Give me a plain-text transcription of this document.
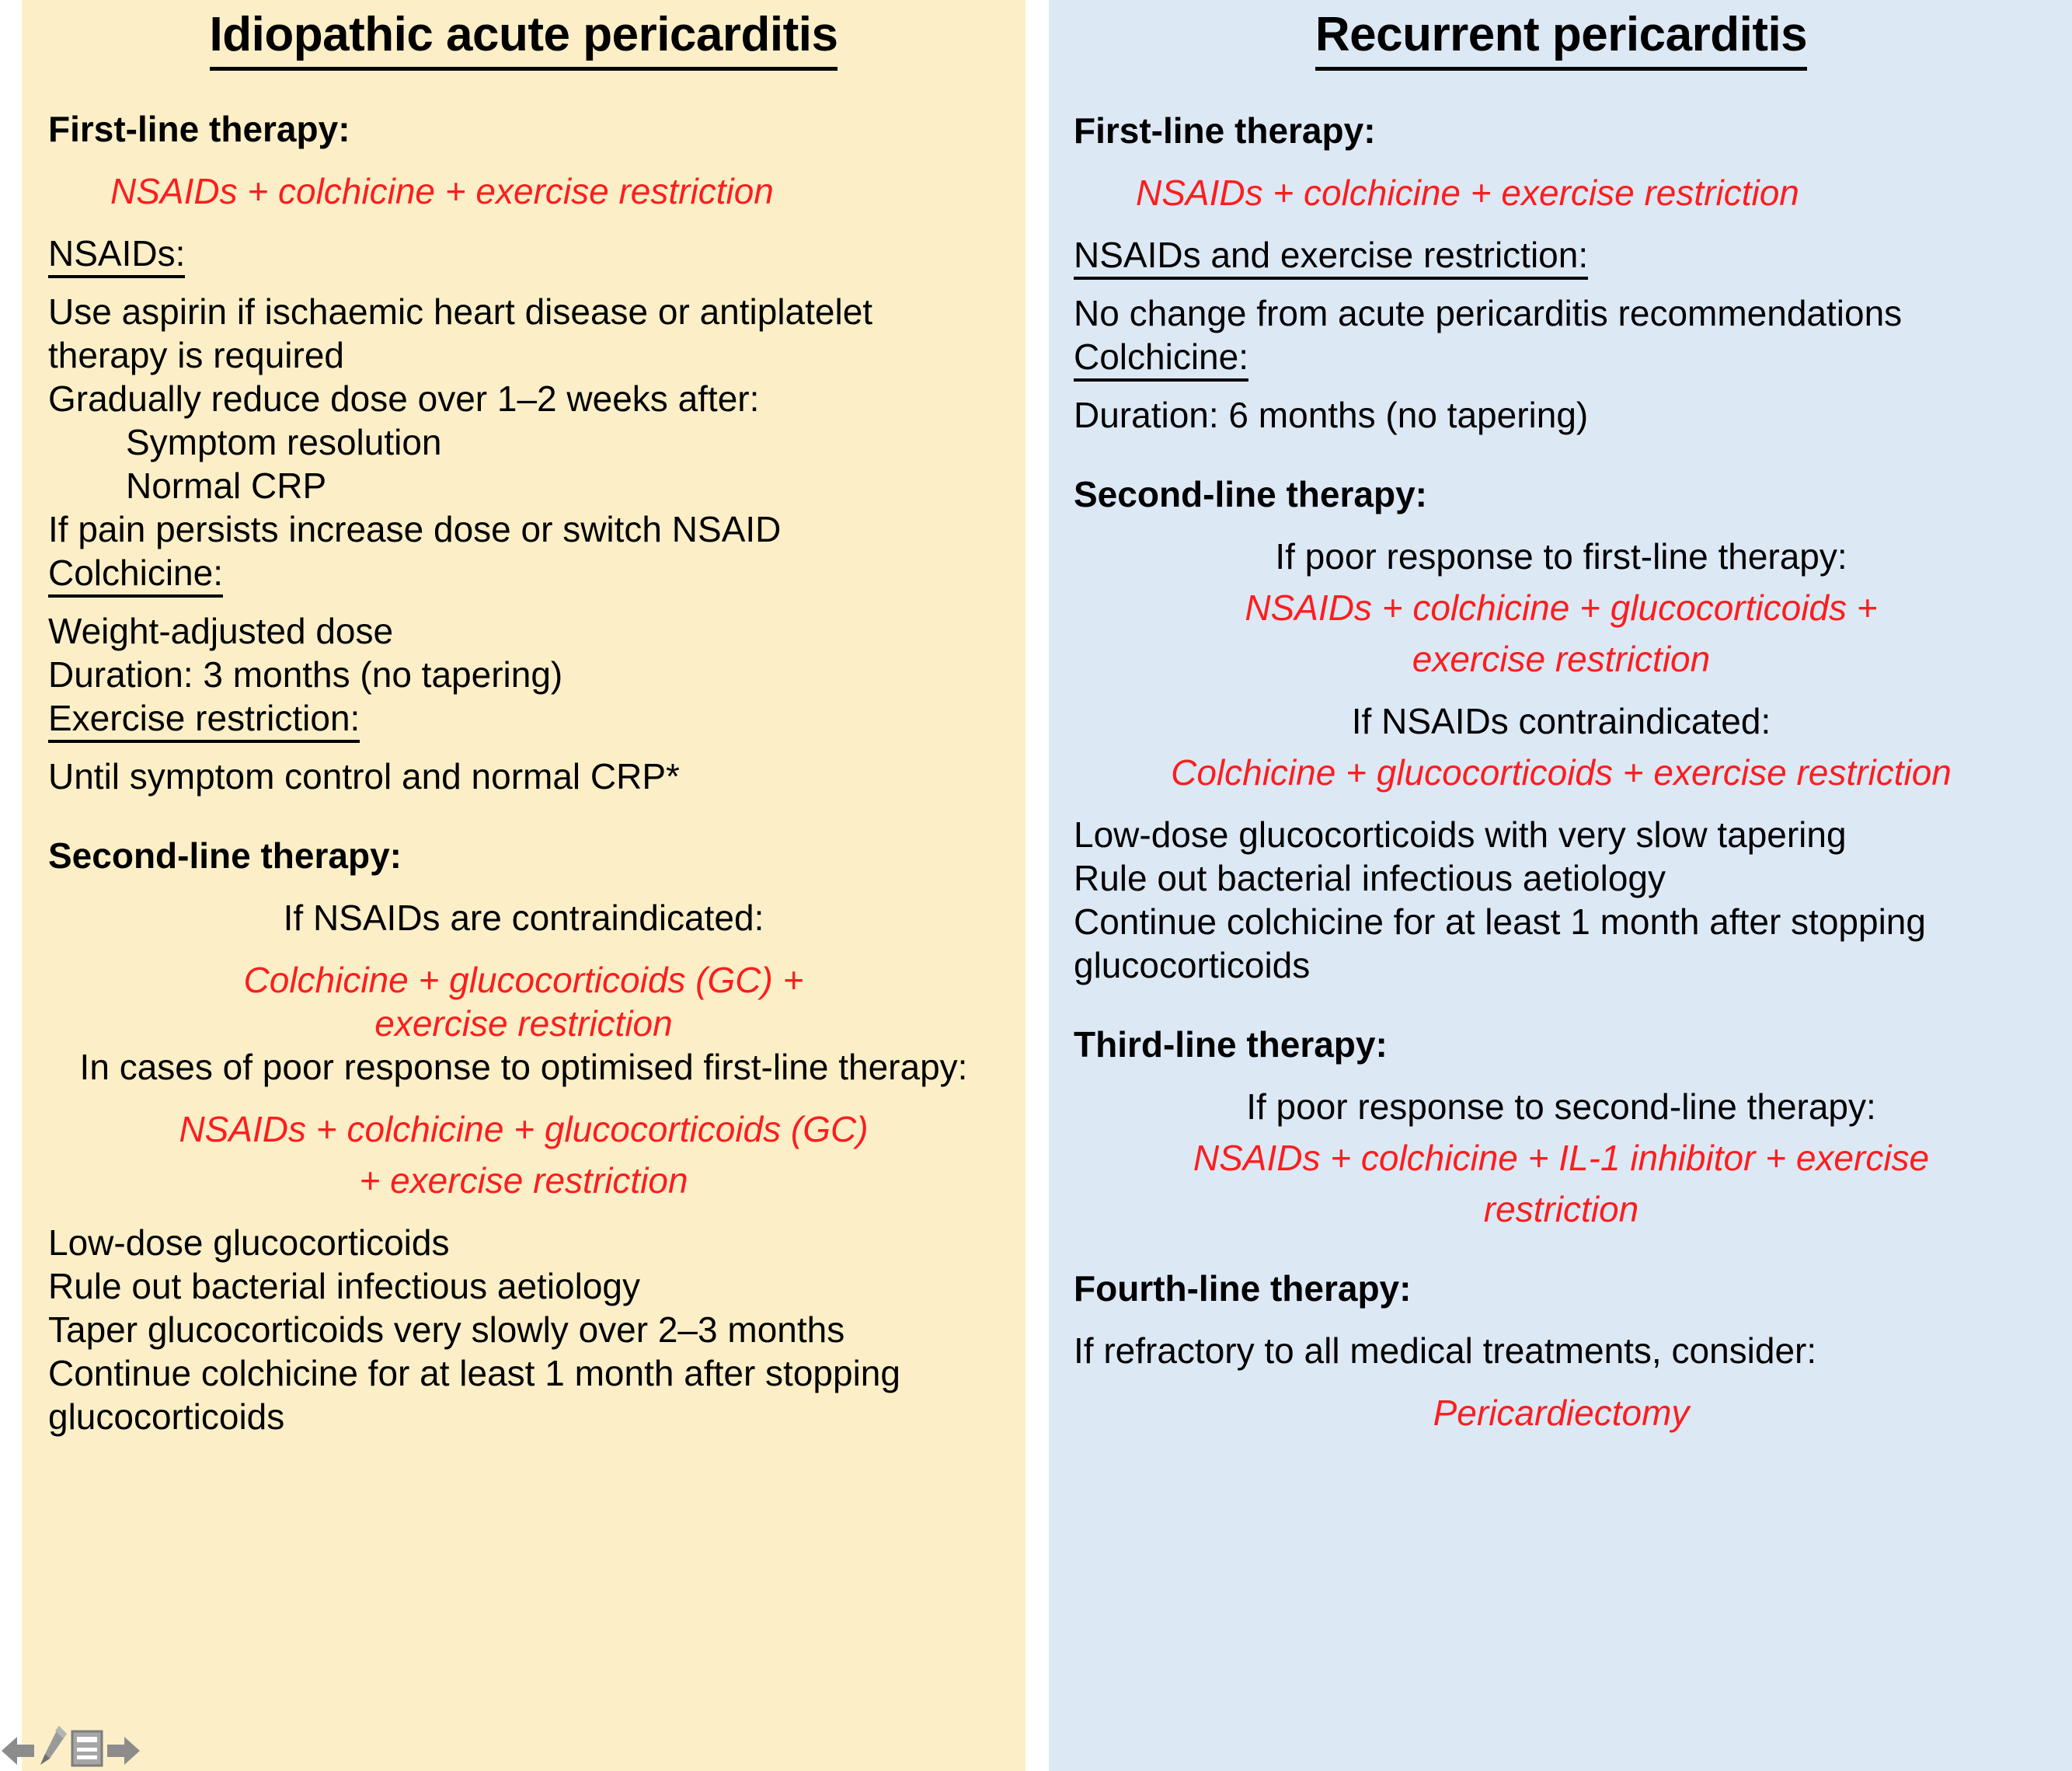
Idiopathic acute pericarditis
First-line therapy:
NSAIDs + colchicine + exercise restriction
NSAIDs:
Use aspirin if ischaemic heart disease or antiplatelet
therapy is required
Gradually reduce dose over 1–2 weeks after:
Symptom resolution
Normal CRP
If pain persists increase dose or switch NSAID
Colchicine:
Weight-adjusted dose
Duration: 3 months (no tapering)
Exercise restriction:
Until symptom control and normal CRP*
Second-line therapy:
If NSAIDs are contraindicated:
Colchicine + glucocorticoids (GC) +
exercise restriction
In cases of poor response to optimised first-line therapy:
NSAIDs + colchicine + glucocorticoids (GC)
+ exercise restriction
Low-dose glucocorticoids
Rule out bacterial infectious aetiology
Taper glucocorticoids very slowly over 2–3 months
Continue colchicine for at least 1 month after stopping
glucocorticoids
Recurrent pericarditis
First-line therapy:
NSAIDs + colchicine + exercise restriction
NSAIDs and exercise restriction:
No change from acute pericarditis recommendations
Colchicine:
Duration: 6 months (no tapering)
Second-line therapy:
If poor response to first-line therapy:
NSAIDs + colchicine + glucocorticoids +
exercise restriction
If NSAIDs contraindicated:
Colchicine + glucocorticoids + exercise restriction
Low-dose glucocorticoids with very slow tapering
Rule out bacterial infectious aetiology
Continue colchicine for at least 1 month after stopping
glucocorticoids
Third-line therapy:
If poor response to second-line therapy:
NSAIDs + colchicine + IL-1 inhibitor + exercise
restriction
Fourth-line therapy:
If refractory to all medical treatments, consider:
Pericardiectomy
